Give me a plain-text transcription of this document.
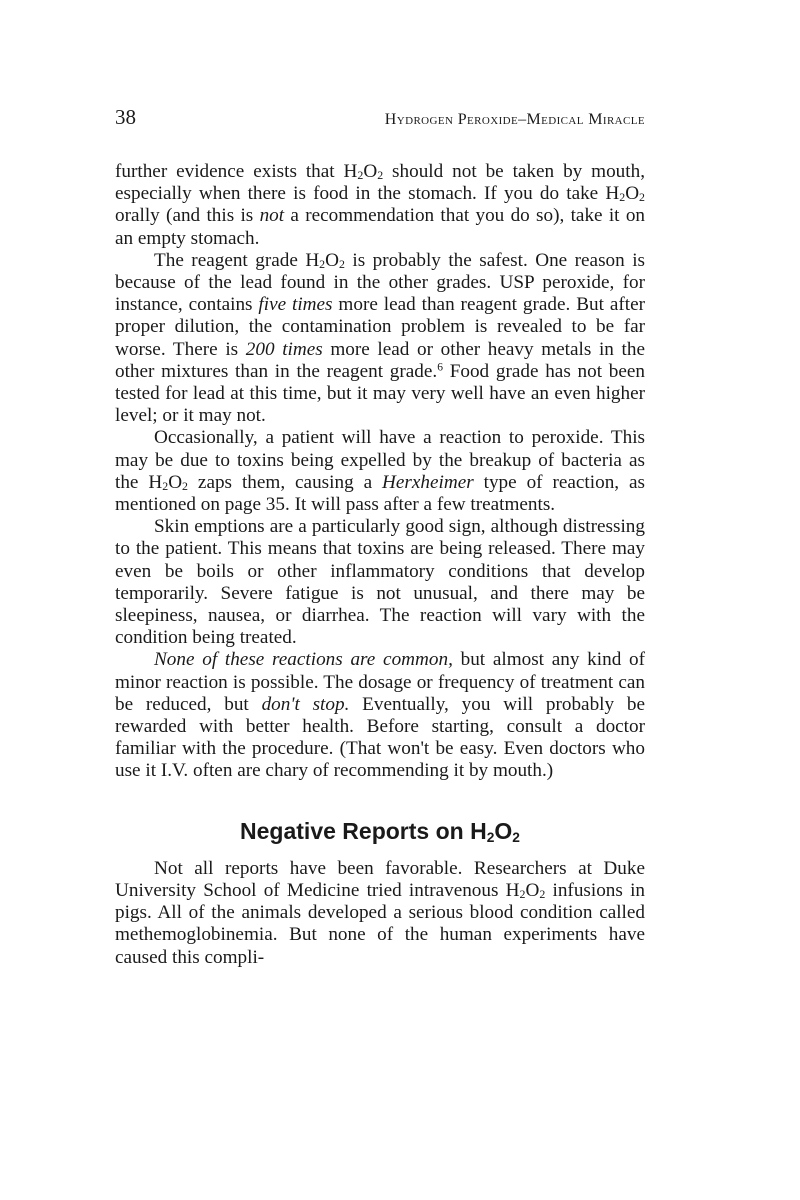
38	Hydrogen Peroxide–Medical Miracle

further evidence exists that H2O2 should not be taken by mouth, especially when there is food in the stomach. If you do take H2O2 orally (and this is not a recommendation that you do so), take it on an empty stomach.

The reagent grade H2O2 is probably the safest. One reason is because of the lead found in the other grades. USP peroxide, for instance, contains five times more lead than reagent grade. But after proper dilution, the contamination problem is revealed to be far worse. There is 200 times more lead or other heavy metals in the other mixtures than in the reagent grade.$^6$ Food grade has not been tested for lead at this time, but it may very well have an even higher level; or it may not.

Occasionally, a patient will have a reaction to peroxide. This may be due to toxins being expelled by the breakup of bacteria as the H2O2 zaps them, causing a Herxheimer type of reaction, as mentioned on page 35. It will pass after a few treatments.

Skin emptions are a particularly good sign, although distressing to the patient. This means that toxins are being released. There may even be boils or other inflammatory conditions that develop temporarily. Severe fatigue is not unusual, and there may be sleepiness, nausea, or diarrhea. The reaction will vary with the condition being treated.

None of these reactions are common, but almost any kind of minor reaction is possible. The dosage or frequency of treatment can be reduced, but don't stop. Eventually, you will probably be rewarded with better health. Before starting, consult a doctor familiar with the procedure. (That won't be easy. Even doctors who use it I.V. often are chary of recommending it by mouth.)

Negative Reports on H2O2

Not all reports have been favorable. Researchers at Duke University School of Medicine tried intravenous H2O2 infusions in pigs. All of the animals developed a serious blood condition called methemoglobinemia. But none of the human experiments have caused this compli-
